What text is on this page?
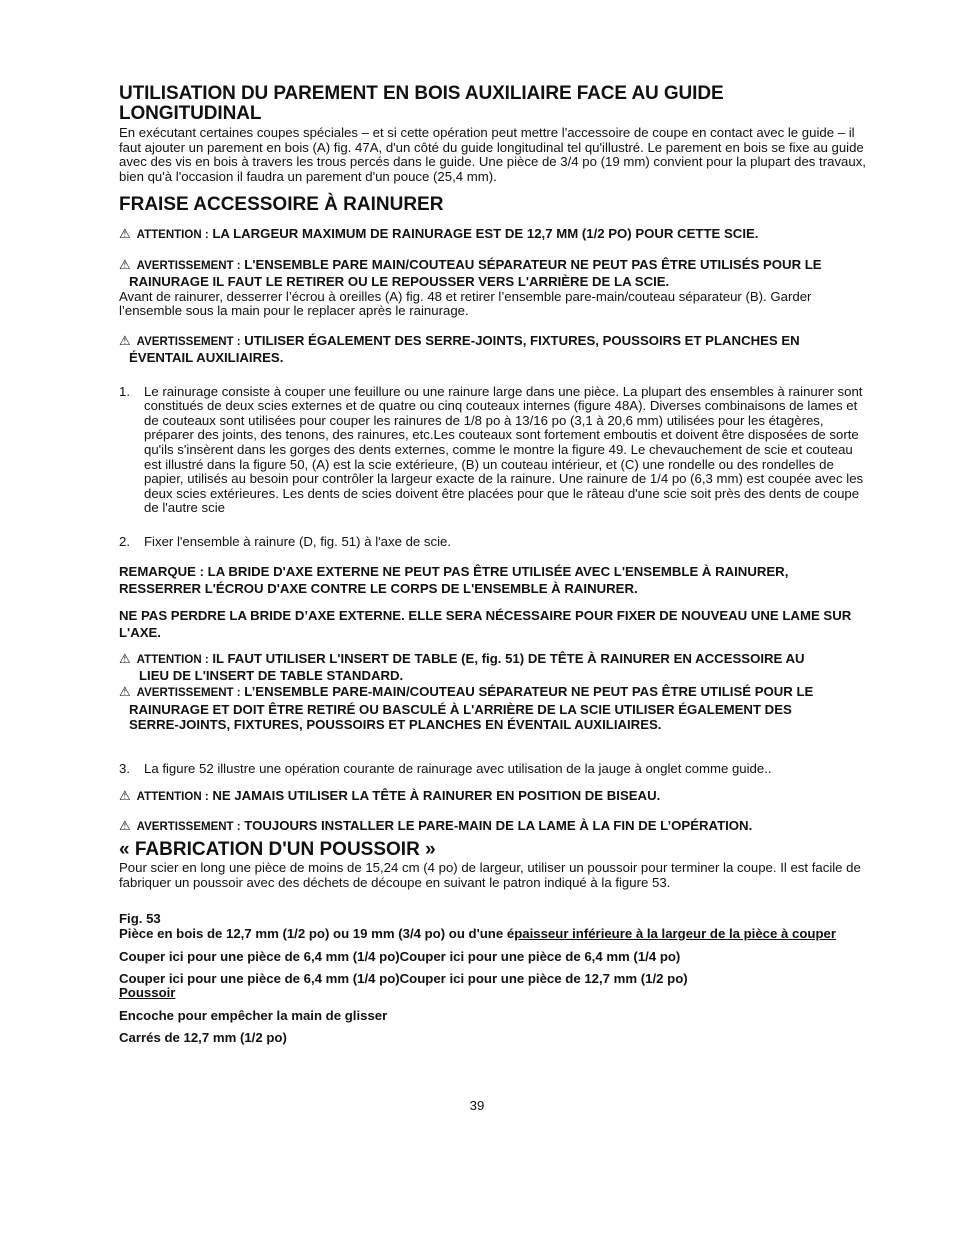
UTILISATION DU PAREMENT EN BOIS AUXILIAIRE FACE AU GUIDE LONGITUDINAL

En exécutant certaines coupes spéciales – et si cette opération peut mettre l'accessoire de coupe en contact avec le guide – il faut ajouter un parement en bois (A) fig. 47A, d'un côté du guide longitudinal tel qu'illustré. Le parement en bois se fixe au guide avec des vis en bois à travers les trous percés dans le guide. Une pièce de 3/4 po (19 mm) convient pour la plupart des travaux, bien qu'à l'occasion il faudra un parement d'un pouce (25,4 mm).

FRAISE ACCESSOIRE À RAINURER

⚠ ATTENTION : LA LARGEUR MAXIMUM DE RAINURAGE EST DE 12,7 MM (1/2 PO) POUR CETTE SCIE.

⚠ AVERTISSEMENT : L'ENSEMBLE PARE MAIN/COUTEAU SÉPARATEUR NE PEUT PAS ÊTRE UTILISÉS POUR LE
RAINURAGE IL FAUT LE RETIRER OU LE REPOUSSER VERS L'ARRIÈRE DE LA SCIE.

Avant de rainurer, desserrer l’écrou à oreilles (A) fig. 48 et retirer l’ensemble pare-main/couteau séparateur (B). Garder l’ensemble sous la main pour le replacer après le rainurage.

⚠ AVERTISSEMENT : UTILISER ÉGALEMENT DES SERRE-JOINTS, FIXTURES, POUSSOIRS ET PLANCHES EN
ÉVENTAIL AUXILIAIRES.

1. Le rainurage consiste à couper une feuillure ou une rainure large dans une pièce. La plupart des ensembles à rainurer sont constitués de deux scies externes et de quatre ou cinq couteaux internes (figure 48A). Diverses combinaisons de lames et de couteaux sont utilisées pour couper les rainures de 1/8 po à 13/16 po (3,1 à 20,6 mm) utilisées pour les étagères, préparer des joints, des tenons, des rainures, etc.Les couteaux sont fortement emboutis et doivent être disposées de sorte qu'ils s'insèrent dans les gorges des dents externes, comme le montre la figure 49. Le chevauchement de scie et couteau est illustré dans la figure 50, (A) est la scie extérieure, (B) un couteau intérieur, et (C) une rondelle ou des rondelles de papier, utilisés au besoin pour contrôler la largeur exacte de la rainure. Une rainure de 1/4 po (6,3 mm) est coupée avec les deux scies extérieures. Les dents de scies doivent être placées pour que le râteau d'une scie soit près des dents de coupe de l'autre scie
2. Fixer l'ensemble à rainure (D, fig. 51) à l'axe de scie.

REMARQUE : LA BRIDE D'AXE EXTERNE NE PEUT PAS ÊTRE UTILISÉE AVEC L'ENSEMBLE À RAINURER, RESSERRER L'ÉCROU D'AXE CONTRE LE CORPS DE L'ENSEMBLE À RAINURER.

NE PAS PERDRE LA BRIDE D’AXE EXTERNE. ELLE SERA NÉCESSAIRE POUR FIXER DE NOUVEAU UNE LAME SUR L'AXE.

⚠ ATTENTION : IL FAUT UTILISER L'INSERT DE TABLE (E, fig. 51) DE TÊTE À RAINURER EN ACCESSOIRE AU
LIEU DE L'INSERT DE TABLE STANDARD.

⚠ AVERTISSEMENT : L’ENSEMBLE PARE-MAIN/COUTEAU SÉPARATEUR NE PEUT PAS ÊTRE UTILISÉ POUR LE
RAINURAGE ET DOIT ÊTRE RETIRÉ OU BASCULÉ À L'ARRIÈRE DE LA SCIE UTILISER ÉGALEMENT DES
SERRE-JOINTS, FIXTURES, POUSSOIRS ET PLANCHES EN ÉVENTAIL AUXILIAIRES.

3. La figure 52 illustre une opération courante de rainurage avec utilisation de la jauge à onglet comme guide..

⚠ ATTENTION : NE JAMAIS UTILISER LA TÊTE À RAINURER EN POSITION DE BISEAU.

⚠ AVERTISSEMENT : TOUJOURS INSTALLER LE PARE-MAIN DE LA LAME À LA FIN DE L’OPÉRATION.

« FABRICATION D'UN POUSSOIR »

Pour scier en long une pièce de moins de 15,24 cm (4 po) de largeur, utiliser un poussoir pour terminer la coupe. Il est facile de fabriquer un poussoir avec des déchets de découpe en suivant le patron indiqué à la figure 53.

Fig. 53

Pièce en bois de 12,7 mm (1/2 po) ou 19 mm (3/4 po) ou d'une épaisseur inférieure à la largeur de la pièce à couper

Couper ici pour une pièce de 6,4 mm (1/4 po)Couper ici pour une pièce de 6,4 mm (1/4 po)

Couper ici pour une pièce de 6,4 mm (1/4 po)Couper ici pour une pièce de 12,7 mm (1/2 po)

Poussoir

Encoche pour empêcher la main de glisser

Carrés de 12,7 mm (1/2 po)

39
